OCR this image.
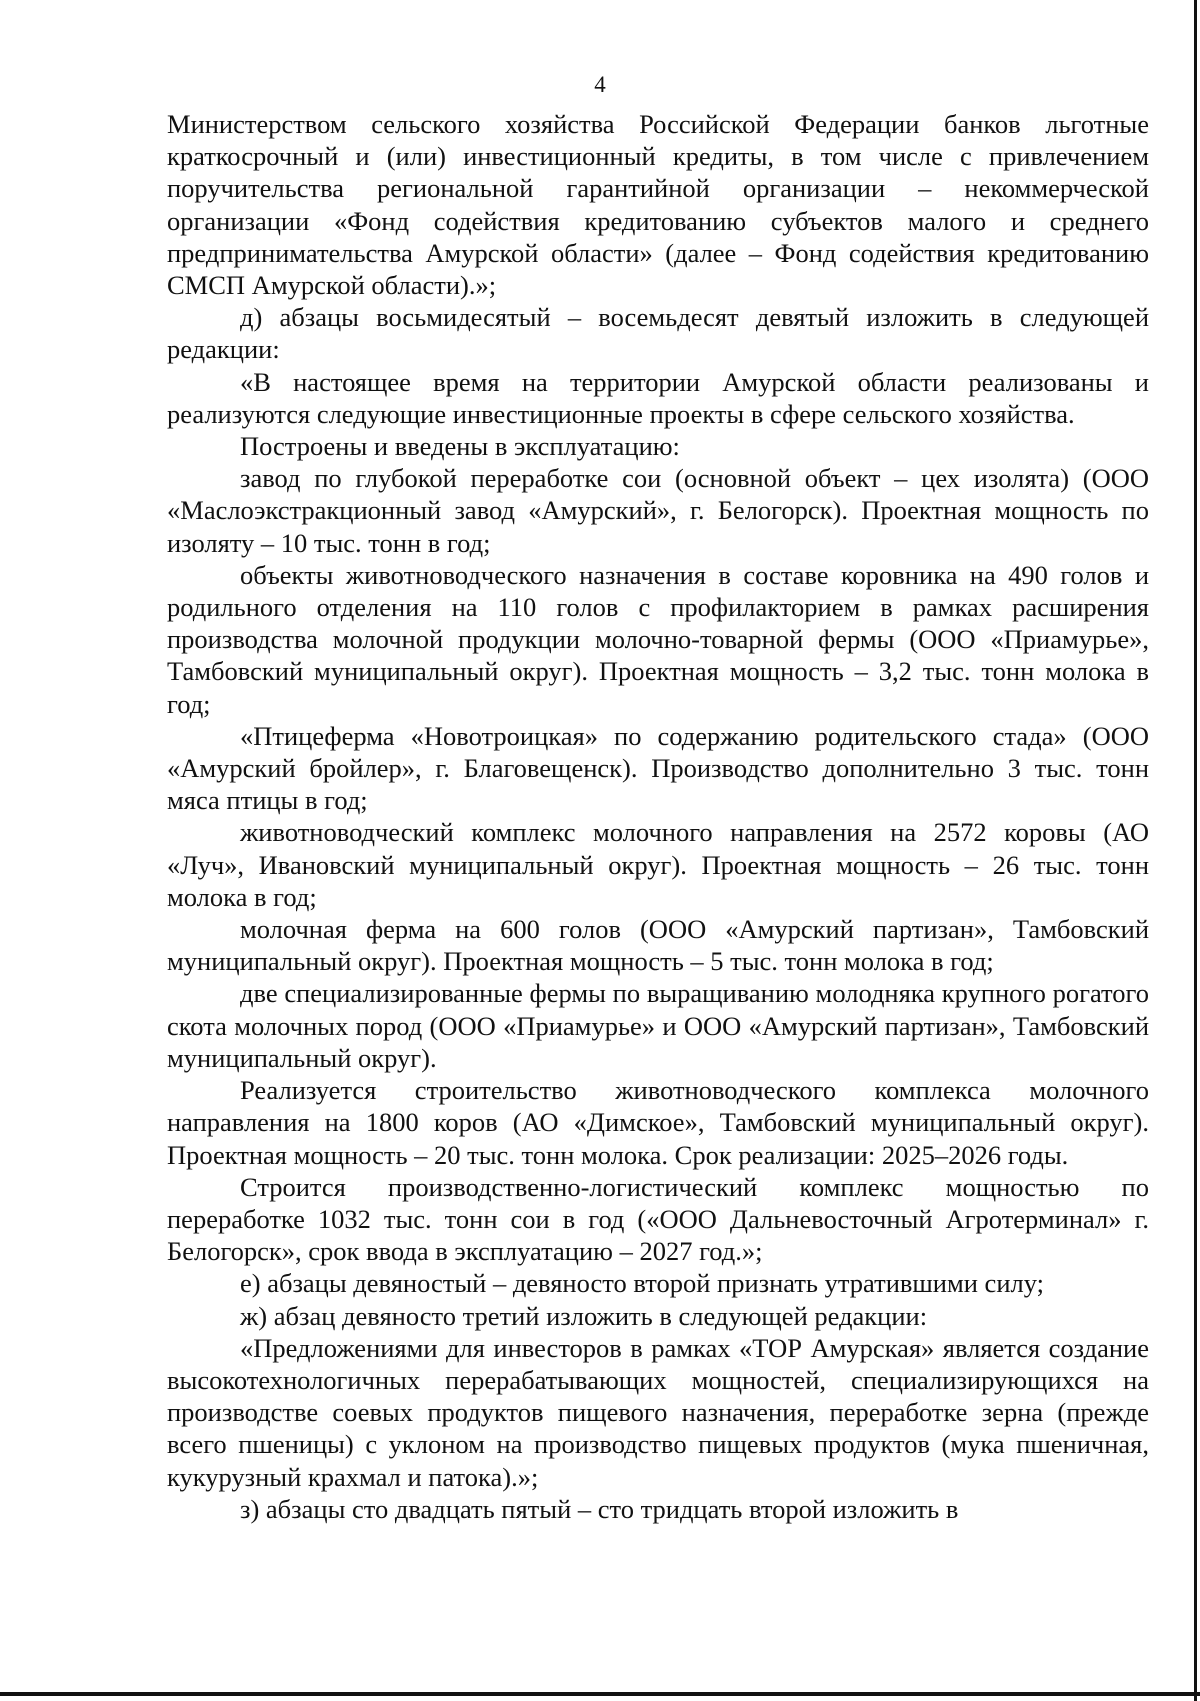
4

Министерством сельского хозяйства Российской Федерации банков льготные краткосрочный и (или) инвестиционный кредиты, в том числе с привлечением поручительства региональной гарантийной организации – некоммерческой организации «Фонд содействия кредитованию субъектов малого и среднего предпринимательства Амурской области» (далее – Фонд содействия кредитованию СМСП Амурской области).»;

д) абзацы восьмидесятый – восемьдесят девятый изложить в следующей редакции:

«В настоящее время на территории Амурской области реализованы и реализуются следующие инвестиционные проекты в сфере сельского хозяйства.

Построены и введены в эксплуатацию:

завод по глубокой переработке сои (основной объект – цех изолята) (ООО «Маслоэкстракционный завод «Амурский», г. Белогорск). Проектная мощность по изоляту – 10 тыс. тонн в год;

объекты животноводческого назначения в составе коровника на 490 голов и родильного отделения на 110 голов с профилакторием в рамках расширения производства молочной продукции молочно-товарной фермы (ООО «Приамурье», Тамбовский муниципальный округ). Проектная мощность – 3,2 тыс. тонн молока в год;

«Птицеферма «Новотроицкая» по содержанию родительского стада» (ООО «Амурский бройлер», г. Благовещенск). Производство дополнительно 3 тыс. тонн мяса птицы в год;

животноводческий комплекс молочного направления на 2572 коровы (АО «Луч», Ивановский муниципальный округ). Проектная мощность – 26 тыс. тонн молока в год;

молочная ферма на 600 голов (ООО «Амурский партизан», Тамбовский муниципальный округ). Проектная мощность – 5 тыс. тонн молока в год;

две специализированные фермы по выращиванию молодняка крупного рогатого скота молочных пород (ООО «Приамурье» и ООО «Амурский партизан», Тамбовский муниципальный округ).

Реализуется строительство животноводческого комплекса молочного направления на 1800 коров (АО «Димское», Тамбовский муниципальный округ). Проектная мощность – 20 тыс. тонн молока. Срок реализации: 2025–2026 годы.

Строится производственно-логистический комплекс мощностью по переработке 1032 тыс. тонн сои в год («ООО Дальневосточный Агротерминал» г. Белогорск», срок ввода в эксплуатацию – 2027 год.»;

е) абзацы девяностый – девяносто второй признать утратившими силу;

ж) абзац девяносто третий изложить в следующей редакции:

«Предложениями для инвесторов в рамках «ТОР Амурская» является создание высокотехнологичных перерабатывающих мощностей, специализирующихся на производстве соевых продуктов пищевого назначения, переработке зерна (прежде всего пшеницы) с уклоном на производство пищевых продуктов (мука пшеничная, кукурузный крахмал и патока).»;

з) абзацы сто двадцать пятый – сто тридцать второй изложить в
